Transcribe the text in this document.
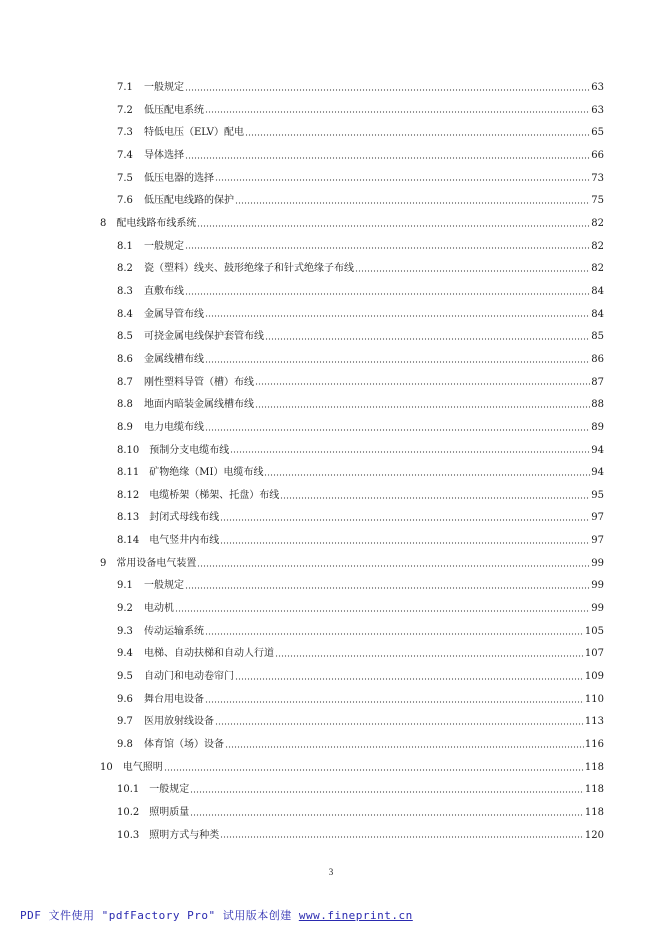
7.1	一般规定	63
7.2	低压配电系统	63
7.3	特低电压（ELV）配电	65
7.4	导体选择	66
7.5	低压电器的选择	73
7.6	低压配电线路的保护	75
8	配电线路布线系统	82
8.1	一般规定	82
8.2	瓷（塑料）线夹、鼓形绝缘子和针式绝缘子布线	82
8.3	直敷布线	84
8.4	金属导管布线	84
8.5	可挠金属电线保护套管布线	85
8.6	金属线槽布线	86
8.7	刚性塑料导管（槽）布线	87
8.8	地面内暗装金属线槽布线	88
8.9	电力电缆布线	89
8.10	预制分支电缆布线	94
8.11	矿物绝缘（MI）电缆布线	94
8.12	电缆桥架（梯架、托盘）布线	95
8.13	封闭式母线布线	97
8.14	电气竖井内布线	97
9	常用设备电气装置	99
9.1	一般规定	99
9.2	电动机	99
9.3	传动运输系统	105
9.4	电梯、自动扶梯和自动人行道	107
9.5	自动门和电动卷帘门	109
9.6	舞台用电设备	110
9.7	医用放射线设备	113
9.8	体育馆（场）设备	116
10	电气照明	118
10.1	一般规定	118
10.2	照明质量	118
10.3	照明方式与种类	120
3
PDF 文件使用 "pdfFactory Pro" 试用版本创建 www.fineprint.cn
